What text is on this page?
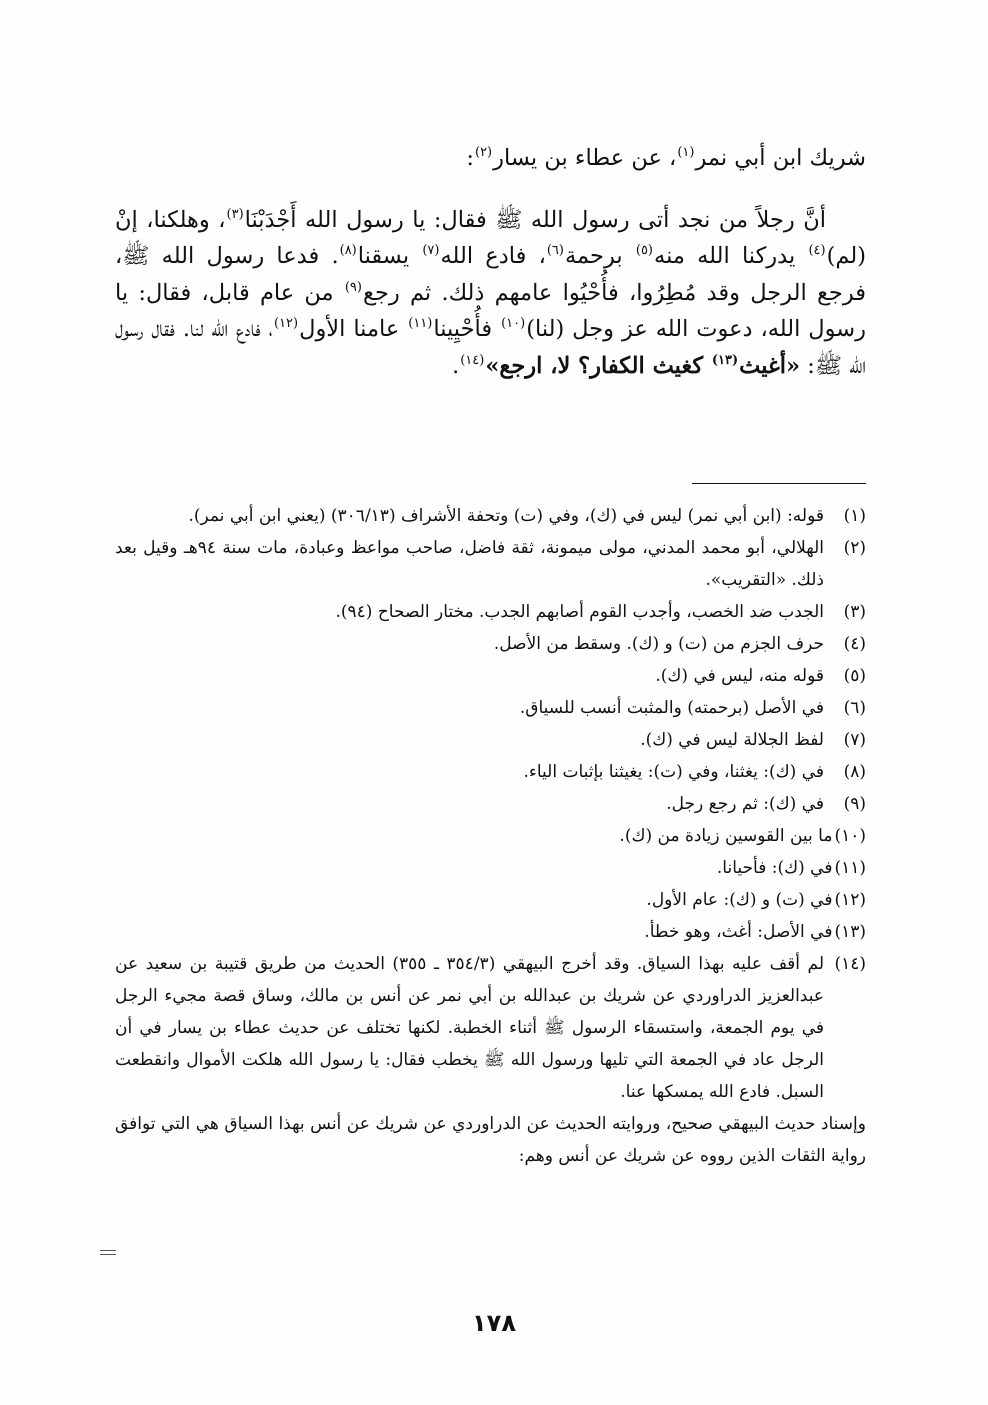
شريك ابن أبي نمر$^{(١)}$، عن عطاء بن يسار$^{(٢)}$:

أنَّ رجلاً من نجد أتى رسول الله ﷺ فقال: يا رسول الله أَجْدَبْنَا$^{(٣)}$، وهلكنا، إنْ (لم)$^{(٤)}$ يدركنا الله منه$^{(٥)}$ برحمة$^{(٦)}$، فادع الله$^{(٧)}$ يسقنا$^{(٨)}$. فدعا رسول الله ﷺ، فرجع الرجل وقد مُطِرُوا، فأُحْيُوا عامهم ذلك. ثم رجع$^{(٩)}$ من عام قابل، فقال: يا رسول الله، دعوت الله عز وجل (لنا)$^{(١٠)}$ فأُحْيِينا$^{(١١)}$ عامنا الأول$^{(١٢)}$، فادع الله لنا. فقال رسول الله ﷺ: «أغيث$^{(١٣)}$ كغيث الكفار؟ لا، ارجع»$^{(١٤)}$.

(١)
قوله: (ابن أبي نمر) ليس في (ك)، وفي (ت) وتحفة الأشراف (٣٠٦/١٣) (يعني ابن أبي نمر).
(٢)
الهلالي، أبو محمد المدني، مولى ميمونة، ثقة فاضل، صاحب مواعظ وعبادة، مات سنة ٩٤هـ وقيل بعد ذلك. «التقريب».
(٣)
الجدب ضد الخصب، وأجدب القوم أصابهم الجدب. مختار الصحاح (٩٤).
(٤)
حرف الجزم من (ت) و (ك). وسقط من الأصل.
(٥)
قوله منه، ليس في (ك).
(٦)
في الأصل (برحمته) والمثبت أنسب للسياق.
(٧)
لفظ الجلالة ليس في (ك).
(٨)
في (ك): يغثنا، وفي (ت): يغيثنا بإثبات الياء.
(٩)
في (ك): ثم رجع رجل.
(١٠)ما بين القوسين زيادة من (ك).
(١١)في (ك): فأحيانا.
(١٢)في (ت) و (ك): عام الأول.
(١٣)في الأصل: أغث، وهو خطأ.
(١٤)
لم أقف عليه بهذا السياق. وقد أخرج البيهقي (٣٥٤/٣ ـ ٣٥٥) الحديث من طريق قتيبة بن سعيد عن عبدالعزيز الدراوردي عن شريك بن عبدالله بن أبي نمر عن أنس بن مالك، وساق قصة مجيء الرجل في يوم الجمعة، واستسقاء الرسول ﷺ أثناء الخطبة. لكنها تختلف عن حديث عطاء بن يسار في أن الرجل عاد في الجمعة التي تليها ورسول الله ﷺ يخطب فقال: يا رسول الله هلكت الأموال وانقطعت السبل. فادع الله يمسكها عنا.
وإسناد حديث البيهقي صحيح، وروايته الحديث عن الدراوردي عن شريك عن أنس بهذا السياق هي التي توافق رواية الثقات الذين رووه عن شريك عن أنس وهم:
١٧٨
